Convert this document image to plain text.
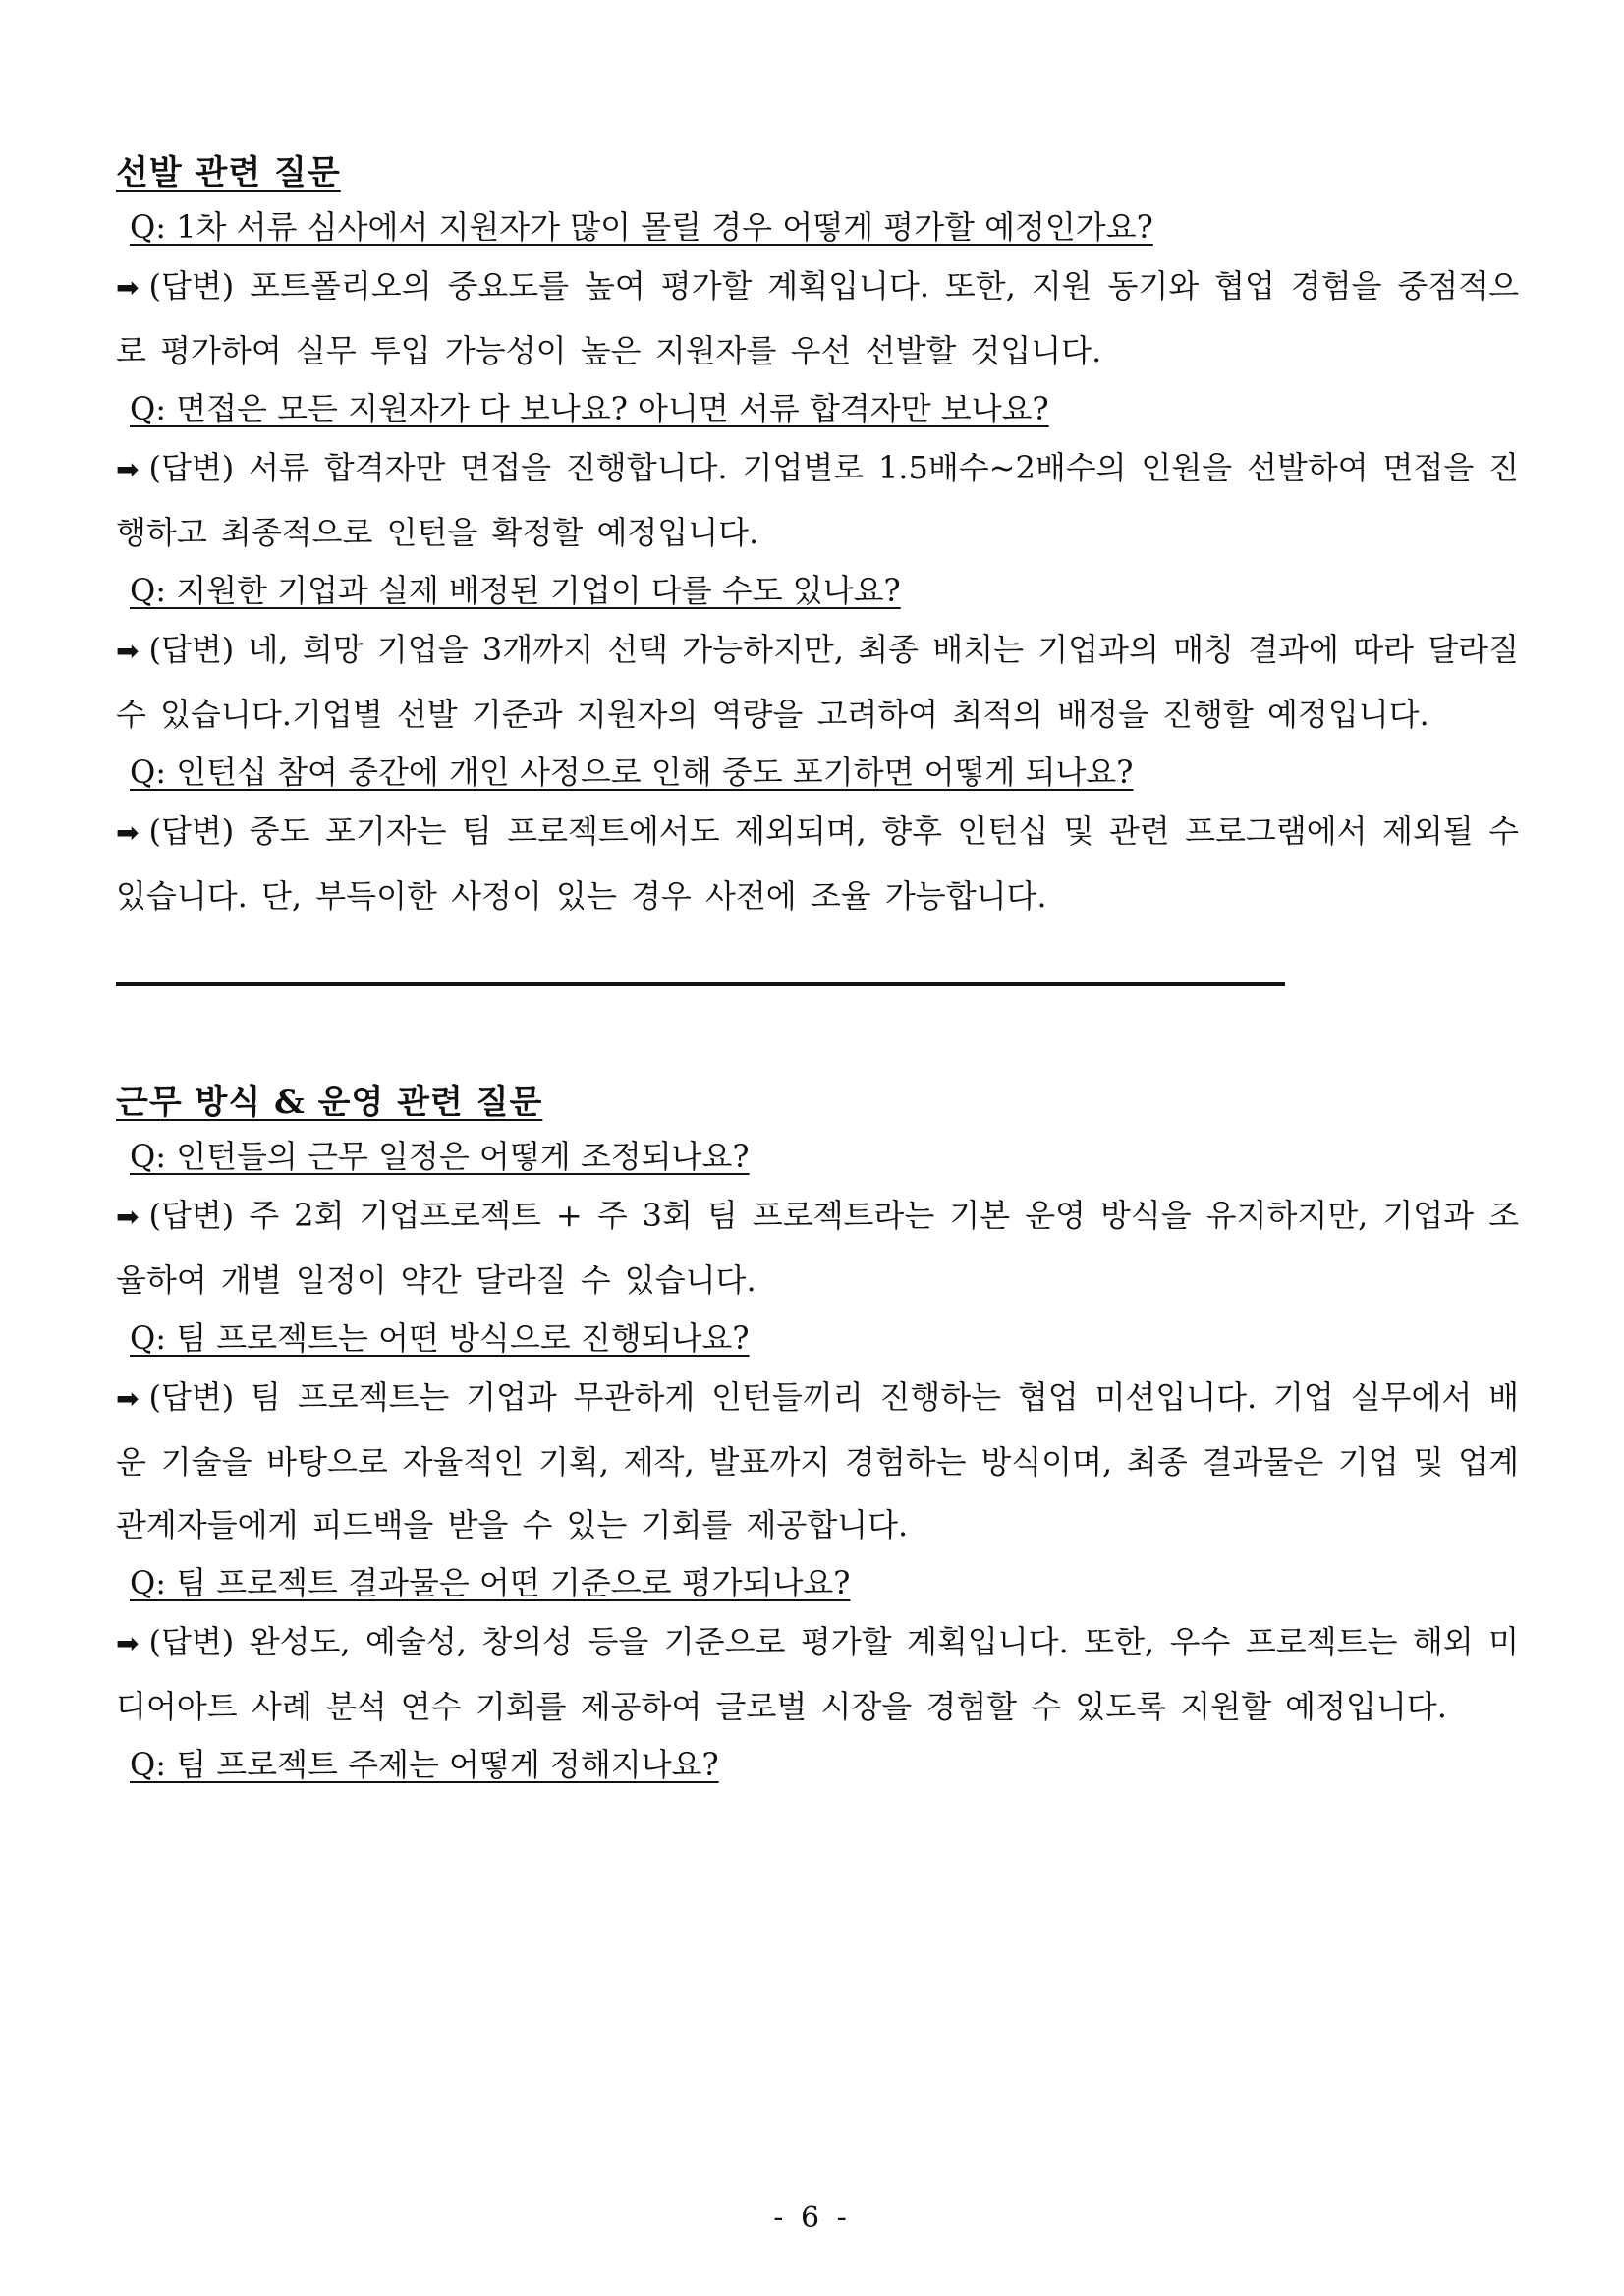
선발 관련 질문

Q: 1차 서류 심사에서 지원자가 많이 몰릴 경우 어떻게 평가할 예정인가요?

➡ (답변) 포트폴리오의 중요도를 높여 평가할 계획입니다. 또한, 지원 동기와 협업 경험을 중점적으로 평가하여 실무 투입 가능성이 높은 지원자를 우선 선발할 것입니다.

Q: 면접은 모든 지원자가 다 보나요? 아니면 서류 합격자만 보나요?

➡ (답변) 서류 합격자만 면접을 진행합니다. 기업별로 1.5배수~2배수의 인원을 선발하여 면접을 진행하고 최종적으로 인턴을 확정할 예정입니다.

Q: 지원한 기업과 실제 배정된 기업이 다를 수도 있나요?

➡ (답변) 네, 희망 기업을 3개까지 선택 가능하지만, 최종 배치는 기업과의 매칭 결과에 따라 달라질 수 있습니다.기업별 선발 기준과 지원자의 역량을 고려하여 최적의 배정을 진행할 예정입니다.

Q: 인턴십 참여 중간에 개인 사정으로 인해 중도 포기하면 어떻게 되나요?

➡ (답변) 중도 포기자는 팀 프로젝트에서도 제외되며, 향후 인턴십 및 관련 프로그램에서 제외될 수 있습니다. 단, 부득이한 사정이 있는 경우 사전에 조율 가능합니다.

근무 방식 & 운영 관련 질문

Q: 인턴들의 근무 일정은 어떻게 조정되나요?

➡ (답변) 주 2회 기업프로젝트 + 주 3회 팀 프로젝트라는 기본 운영 방식을 유지하지만, 기업과 조율하여 개별 일정이 약간 달라질 수 있습니다.

Q: 팀 프로젝트는 어떤 방식으로 진행되나요?

➡ (답변) 팀 프로젝트는 기업과 무관하게 인턴들끼리 진행하는 협업 미션입니다. 기업 실무에서 배운 기술을 바탕으로 자율적인 기획, 제작, 발표까지 경험하는 방식이며, 최종 결과물은 기업 및 업계 관계자들에게 피드백을 받을 수 있는 기회를 제공합니다.

Q: 팀 프로젝트 결과물은 어떤 기준으로 평가되나요?

➡ (답변) 완성도, 예술성, 창의성 등을 기준으로 평가할 계획입니다. 또한, 우수 프로젝트는 해외 미디어아트 사례 분석 연수 기회를 제공하여 글로벌 시장을 경험할 수 있도록 지원할 예정입니다.

Q: 팀 프로젝트 주제는 어떻게 정해지나요?

- 6 -
